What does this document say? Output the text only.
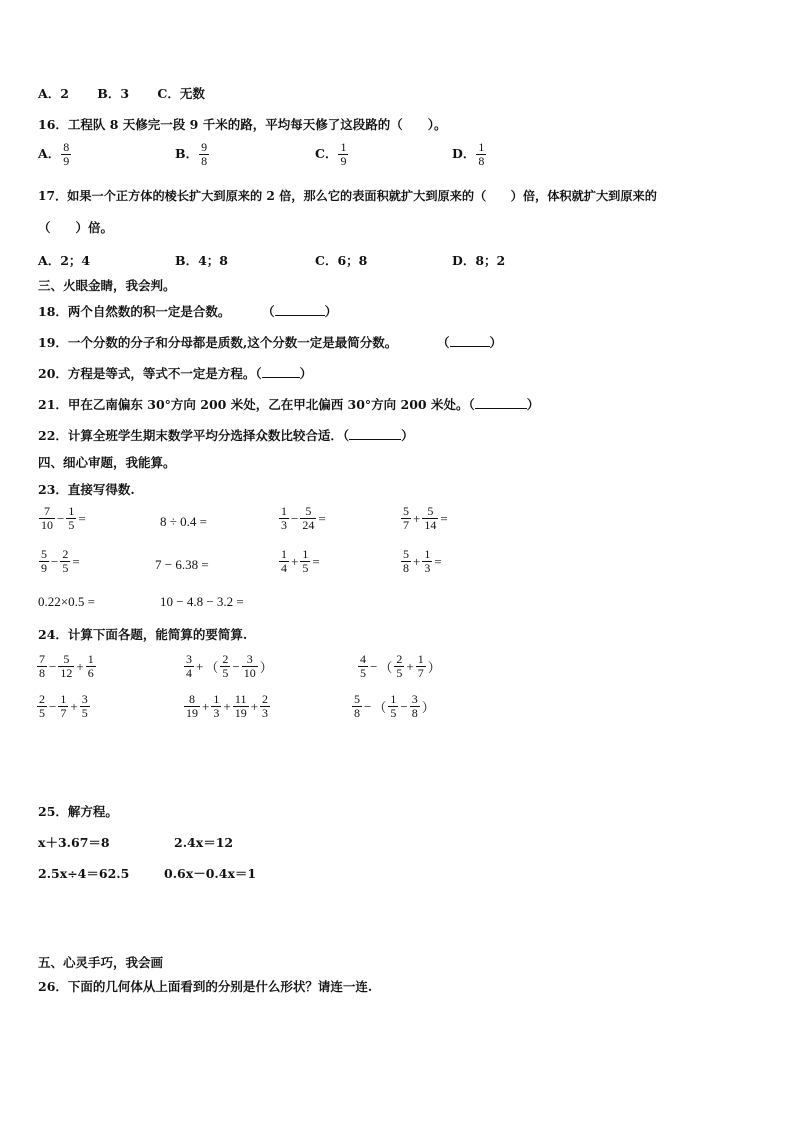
A．2 B．3 C．无数
16．工程队 8 天修完一段 9 千米的路，平均每天修了这段路的（　　）。
A． $\frac{8}{9}$	B． $\frac{9}{8}$	C． $\frac{1}{9}$	D． $\frac{1}{8}$
17．如果一个正方体的棱长扩大到原来的 2 倍，那么它的表面积就扩大到原来的（　　）倍，体积就扩大到原来的
（　　）倍。
A．2；4	B．4；8	C．6；8	D．8；2
三、火眼金睛，我会判。
18．两个自然数的积一定是合数。	（	）
19．一个分数的分子和分母都是质数,这个分数一定是最简分数。	（	）
20．方程是等式，等式不一定是方程。（	）
21．甲在乙南偏东 30°方向 200 米处，乙在甲北偏西 30°方向 200 米处。（	）
22．计算全班学生期末数学平均分选择众数比较合适．（	）
四、细心审题，我能算。
23．直接写得数.
$\frac{7}{10} - \frac{1}{5}$ =	8 ÷ 0.4 =	$\frac{1}{3} - \frac{5}{24}$ =	$\frac{5}{7} + \frac{5}{14}$ =
$\frac{5}{9} - \frac{2}{5}$ =	7 − 6.38 =	$\frac{1}{4} + \frac{1}{5}$ =	$\frac{5}{8} + \frac{1}{3}$ =
0.22×0.5 =	10 − 4.8 − 3.2 =
24．计算下面各题，能简算的要简算.
$\frac{7}{8} - \frac{5}{12} + \frac{1}{6}$	$\frac{3}{4}$ + （ $\frac{2}{5} - \frac{3}{10}$ ）	$\frac{4}{5}$ − （ $\frac{2}{5} + \frac{1}{7}$ ）
$\frac{2}{5} - \frac{1}{7} + \frac{3}{5}$	$\frac{8}{19} + \frac{1}{3} + \frac{11}{19} + \frac{2}{3}$	$\frac{5}{8}$ − （ $\frac{1}{5} - \frac{3}{8}$ ）
25．解方程。
x＋3.67＝8	2.4x＝12
2.5x÷4＝62.5	0.6x－0.4x＝1
五、心灵手巧，我会画
26．下面的几何体从上面看到的分别是什么形状？请连一连.
